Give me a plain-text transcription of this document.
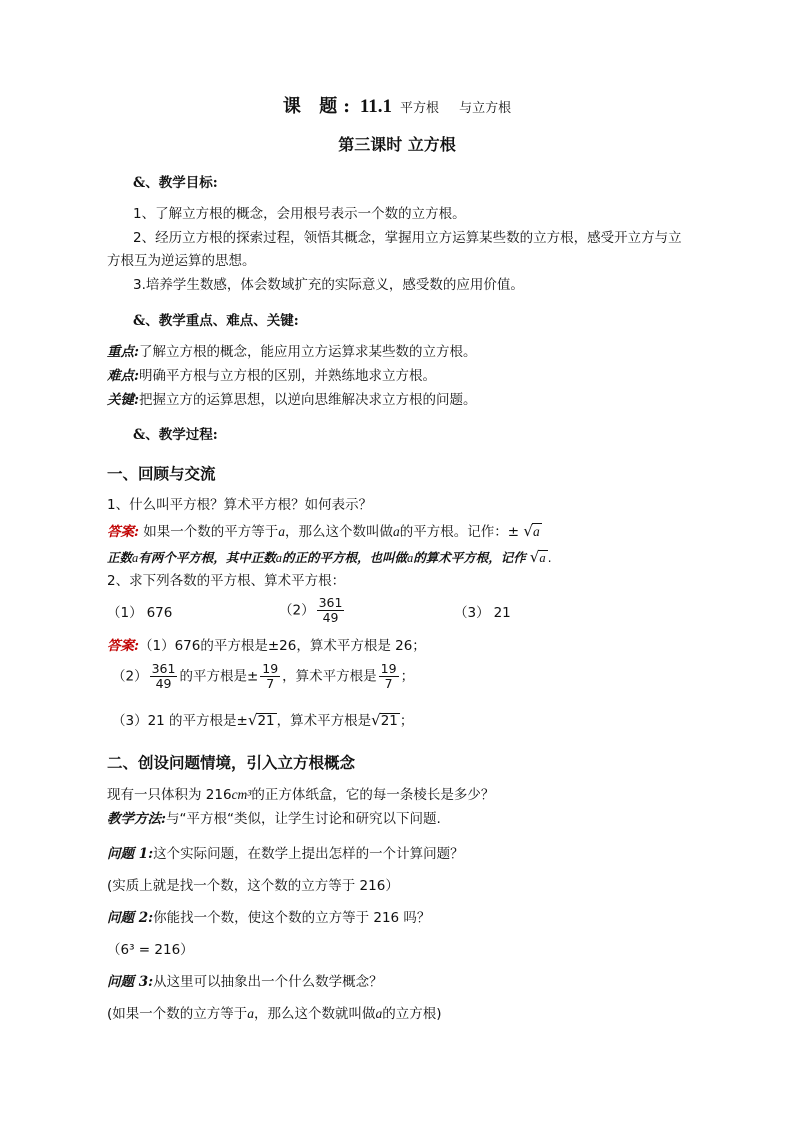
课 题: 11.1 平方根 与立方根
第三课时 立方根
&、教学目标:
1、了解立方根的概念，会用根号表示一个数的立方根。
2、经历立方根的探索过程，领悟其概念，掌握用立方运算某些数的立方根，感受开立方与立
方根互为逆运算的思想。
3.培养学生数感，体会数域扩充的实际意义，感受数的应用价值。
&、教学重点、难点、关键:
重点:了解立方根的概念，能应用立方运算求某些数的立方根。
难点:明确平方根与立方根的区别，并熟练地求立方根。
关键:把握立方的运算思想，以逆向思维解决求立方根的问题。
&、教学过程:
一、回顾与交流
1、什么叫平方根？算术平方根？如何表示？
答案: 如果一个数的平方等于a，那么这个数叫做a的平方根。记作：± √a
正数a有两个平方根，其中正数a的正的平方根，也叫做a的算术平方根，记作 √a .
2、求下列各数的平方根、算术平方根：
（1） 676	$(2) \frac{361}{49}$	（3） 21
答案:（1）676的平方根是±26，算术平方根是 26；
$(2) \frac{361}{49}$ 的平方根是± $\frac{19}{7}$ ，算术平方根是 $\frac{19}{7}$ ；
（3）21 的平方根是±√21 ，算术平方根是√21 ；
二、创设问题情境，引入立方根概念
现有一只体积为 216cm³的正方体纸盒，它的每一条棱长是多少？
教学方法:与“平方根“类似，让学生讨论和研究以下问题.
问题 1:这个实际问题，在数学上提出怎样的一个计算问题？
(实质上就是找一个数，这个数的立方等于 216）
问题 2:你能找一个数，使这个数的立方等于 216 吗？
（6³ = 216）
问题 3:从这里可以抽象出一个什么数学概念？
(如果一个数的立方等于a，那么这个数就叫做a的立方根)
